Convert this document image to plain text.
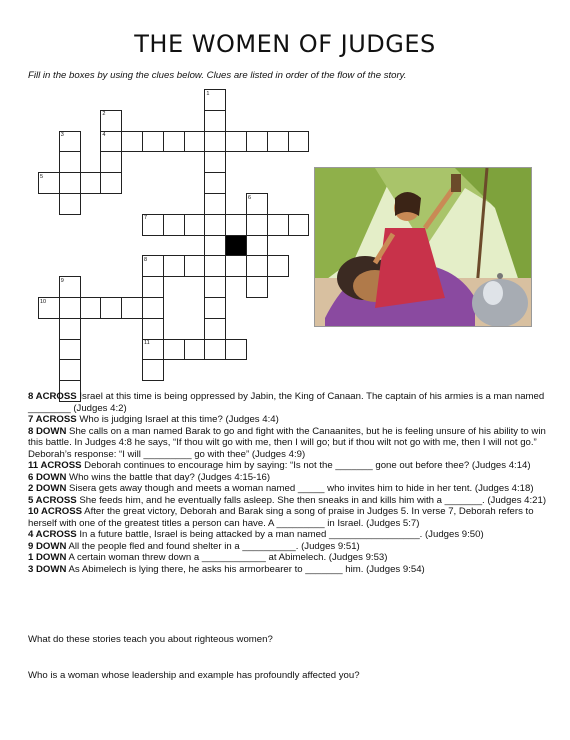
THE WOMEN OF JUDGES

Fill in the boxes by using the clues below. Clues are listed in order of the flow of the story.

1
2
3	4
5
6
7
8
9
10
11

8 ACROSS Israel at this time is being oppressed by Jabin, the King of Canaan. The captain of his armies is a man named ________ (Judges 4:2)

7 ACROSS Who is judging Israel at this time? (Judges 4:4)

8 DOWN She calls on a man named Barak to go and fight with the Canaanites, but he is feeling unsure of his ability to win this battle. In Judges 4:8 he says, “If thou wilt go with me, then I will go; but if thou wilt not go with me, then I will not go.” Deborah’s response: “I will _________ go with thee” (Judges 4:9)

11 ACROSS Deborah continues to encourage him by saying: “Is not the _______ gone out before thee? (Judges 4:14)

6 DOWN Who wins the battle that day? (Judges 4:15-16)

2 DOWN Sisera gets away though and meets a woman named _____ who invites him to hide in her tent. (Judges 4:18)

5 ACROSS She feeds him, and he eventually falls asleep. She then sneaks in and kills him with a _______. (Judges 4:21)

10 ACROSS After the great victory, Deborah and Barak sing a song of praise in Judges 5. In verse 7, Deborah refers to herself with one of the greatest titles a person can have. A _________ in Israel. (Judges 5:7)

4 ACROSS In a future battle, Israel is being attacked by a man named _________________. (Judges 9:50)

9 DOWN All the people fled and found shelter in a __________. (Judges 9:51)

1 DOWN A certain woman threw down a ____________ at Abimelech. (Judges 9:53)

3 DOWN As Abimelech is lying there, he asks his armorbearer to _______ him. (Judges 9:54)

What do these stories teach you about righteous women?

Who is a woman whose leadership and example has profoundly affected you?
